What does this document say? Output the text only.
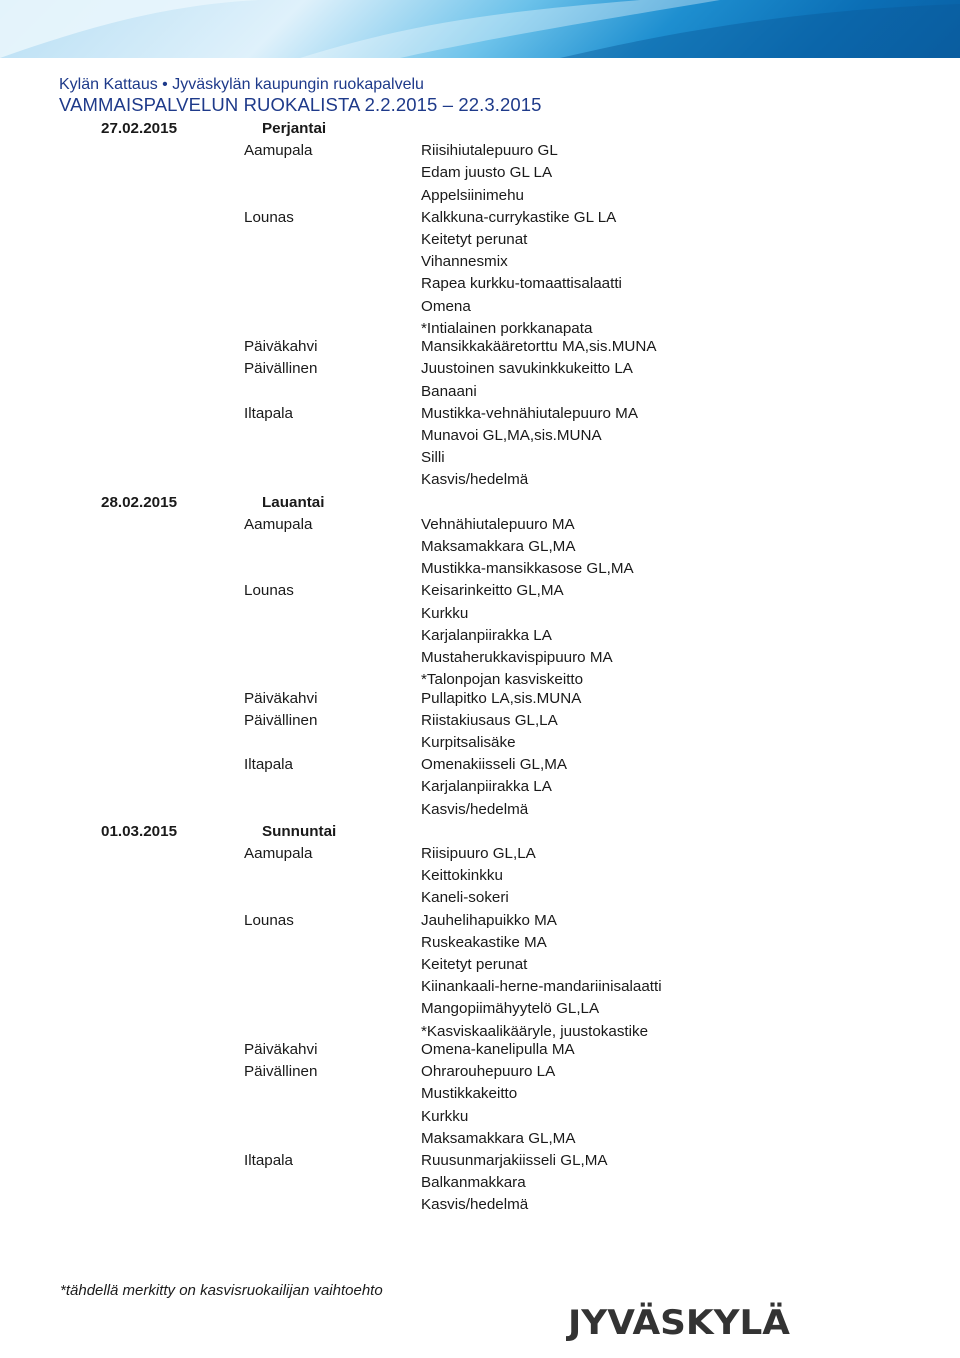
Kylän Kattaus • Jyväskylän kaupungin ruokapalvelu
VAMMAISPALVELUN RUOKALISTA 2.2.2015 – 22.3.2015
27.02.2015	Perjantai
Aamupala	Riisihiutalepuuro GL
Edam juusto GL LA
Appelsiinimehu
Lounas	Kalkkuna-currykastike GL LA
Keitetyt perunat
Vihannesmix
Rapea kurkku-tomaattisalaatti
Omena
*Intialainen porkkanapata
Päiväkahvi	Mansikkakääretorttu MA,sis.MUNA
Päivällinen	Juustoinen savukinkkukeitto LA
Banaani
Iltapala	Mustikka-vehnähiutalepuuro MA
Munavoi GL,MA,sis.MUNA
Silli
Kasvis/hedelmä
28.02.2015	Lauantai
Aamupala	Vehnähiutalepuuro MA
Maksamakkara GL,MA
Mustikka-mansikkasose GL,MA
Lounas	Keisarinkeitto GL,MA
Kurkku
Karjalanpiirakka LA
Mustaherukkavispipuuro MA
*Talonpojan kasviskeitto
Päiväkahvi	Pullapitko LA,sis.MUNA
Päivällinen	Riistakiusaus GL,LA
Kurpitsalisäke
Iltapala	Omenakiisseli GL,MA
Karjalanpiirakka LA
Kasvis/hedelmä
01.03.2015	Sunnuntai
Aamupala	Riisipuuro GL,LA
Keittokinkku
Kaneli-sokeri
Lounas	Jauhelihapuikko MA
Ruskeakastike MA
Keitetyt perunat
Kiinankaali-herne-mandariinisalaatti
Mangopiimähyytelö GL,LA
*Kasviskaalikääryle, juustokastike
Päiväkahvi	Omena-kanelipulla MA
Päivällinen	Ohrarouhepuuro LA
Mustikkakeitto
Kurkku
Maksamakkara GL,MA
Iltapala	Ruusunmarjakiisseli GL,MA
Balkanmakkara
Kasvis/hedelmä
*tähdellä merkitty on kasvisruokailijan vaihtoehto
JYVÄSKYLÄ
